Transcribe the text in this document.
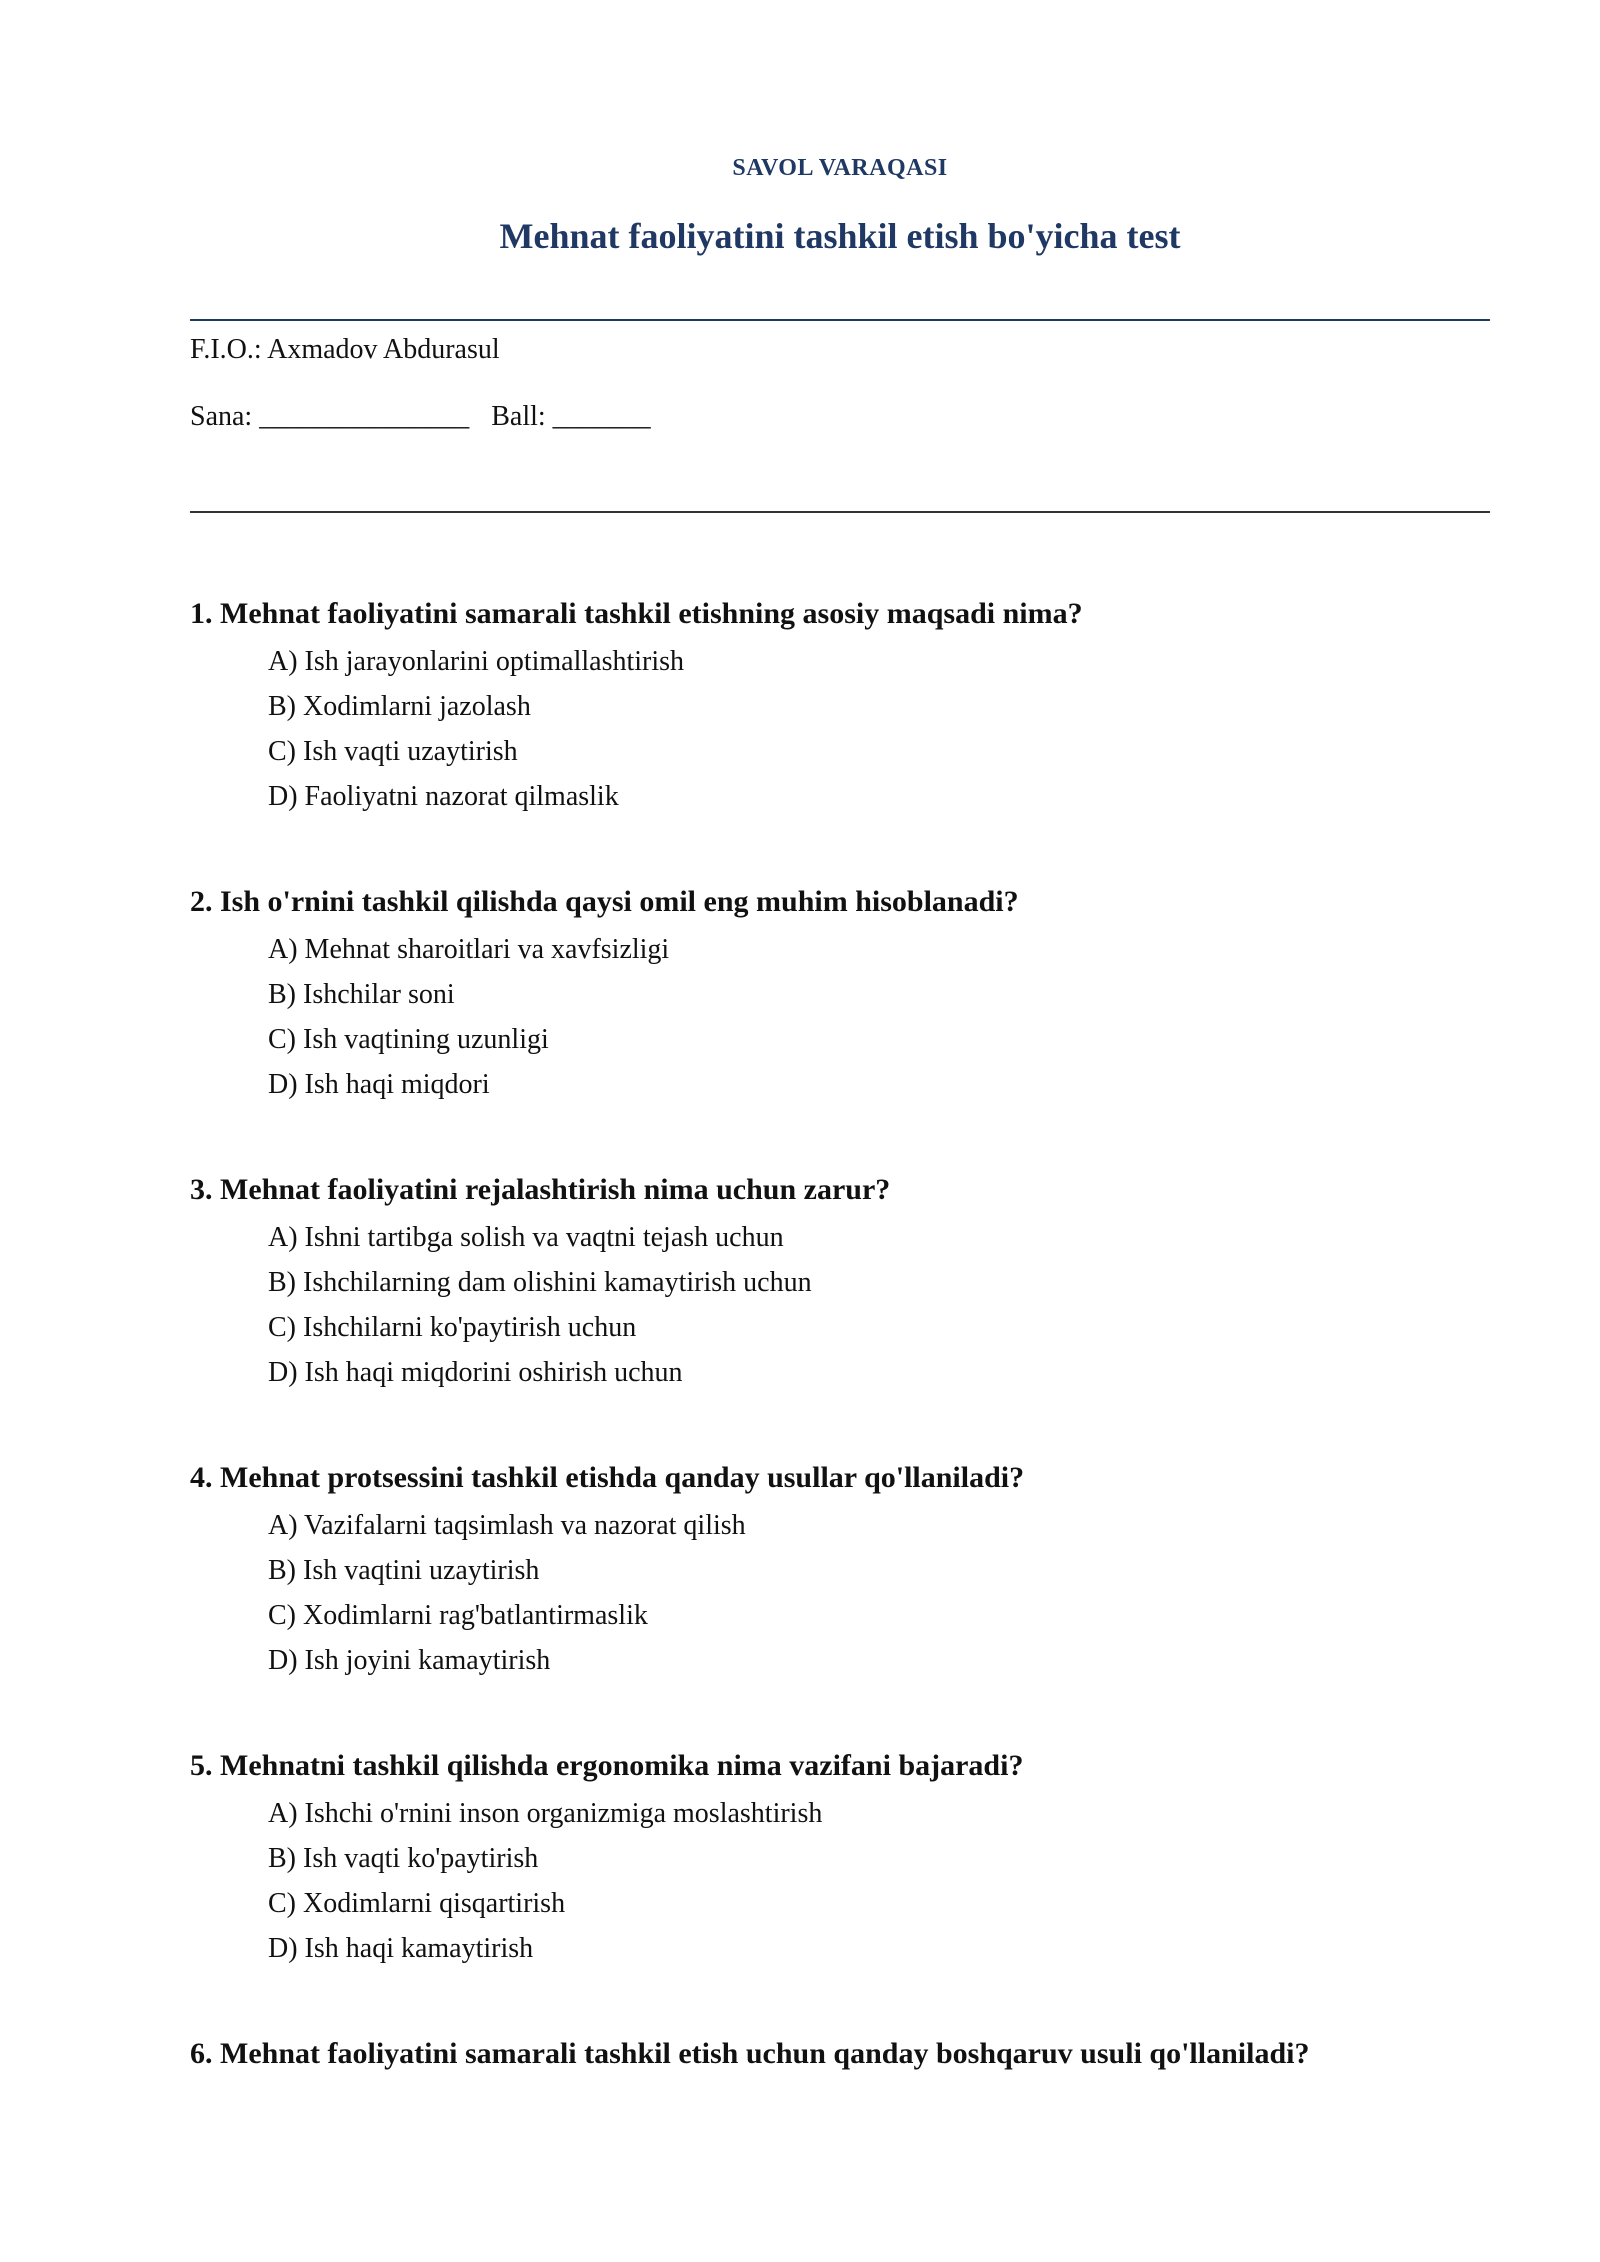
SAVOL VARAQASI
Mehnat faoliyatini tashkil etish bo'yicha test
F.I.O.: Axmadov Abdurasul
Sana: _______________ Ball: _______

1. Mehnat faoliyatini samarali tashkil etishning asosiy maqsadi nima?

A) Ish jarayonlarini optimallashtirish
B) Xodimlarni jazolash
C) Ish vaqti uzaytirish
D) Faoliyatni nazorat qilmaslik

2. Ish o'rnini tashkil qilishda qaysi omil eng muhim hisoblanadi?

A) Mehnat sharoitlari va xavfsizligi
B) Ishchilar soni
C) Ish vaqtining uzunligi
D) Ish haqi miqdori

3. Mehnat faoliyatini rejalashtirish nima uchun zarur?

A) Ishni tartibga solish va vaqtni tejash uchun
B) Ishchilarning dam olishini kamaytirish uchun
C) Ishchilarni ko'paytirish uchun
D) Ish haqi miqdorini oshirish uchun

4. Mehnat protsessini tashkil etishda qanday usullar qo'llaniladi?

A) Vazifalarni taqsimlash va nazorat qilish
B) Ish vaqtini uzaytirish
C) Xodimlarni rag'batlantirmaslik
D) Ish joyini kamaytirish

5. Mehnatni tashkil qilishda ergonomika nima vazifani bajaradi?

A) Ishchi o'rnini inson organizmiga moslashtirish
B) Ish vaqti ko'paytirish
C) Xodimlarni qisqartirish
D) Ish haqi kamaytirish

6. Mehnat faoliyatini samarali tashkil etish uchun qanday boshqaruv usuli qo'llaniladi?
